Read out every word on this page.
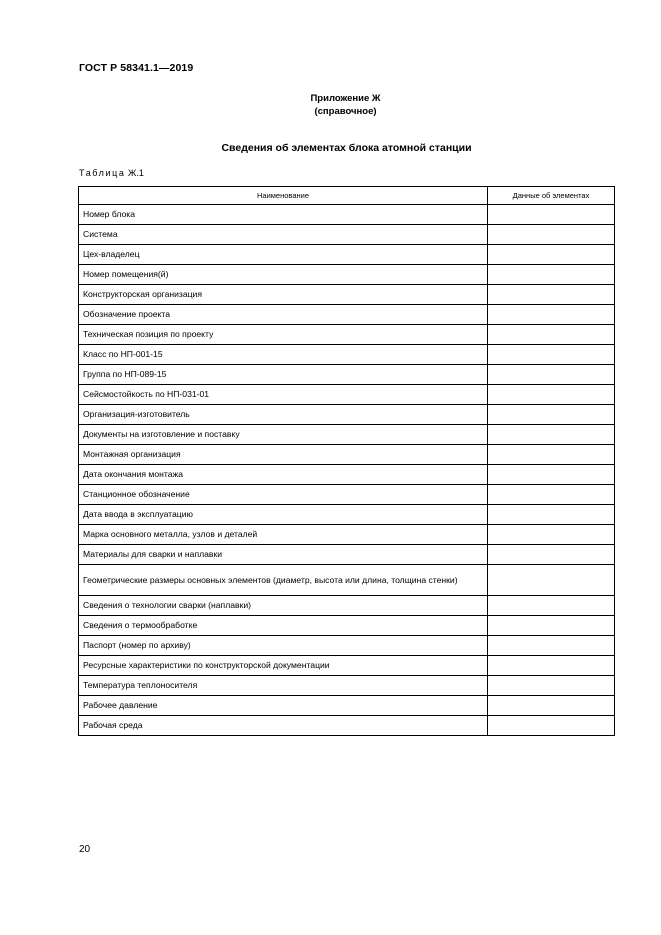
ГОСТ Р 58341.1—2019
Приложение Ж
(справочное)
Сведения об элементах блока атомной станции
Таблица Ж.1
Наименование	Данные об элементах
Номер блока	
Система	
Цех-владелец	
Номер помещения(й)	
Конструкторская организация	
Обозначение проекта	
Техническая позиция по проекту	
Класс по НП-001-15	
Группа по НП-089-15	
Сейсмостойкость по НП-031-01	
Организация-изготовитель	
Документы на изготовление и поставку	
Монтажная организация	
Дата окончания монтажа	
Станционное обозначение	
Дата ввода в эксплуатацию	
Марка основного металла, узлов и деталей	
Материалы для сварки и наплавки	
Геометрические размеры основных элементов (диаметр, высота или длина, толщина стенки)	
Сведения о технологии сварки (наплавки)	
Сведения о термообработке	
Паспорт (номер по архиву)	
Ресурсные характеристики по конструкторской документации	
Температура теплоносителя	
Рабочее давление	
Рабочая среда	
20
